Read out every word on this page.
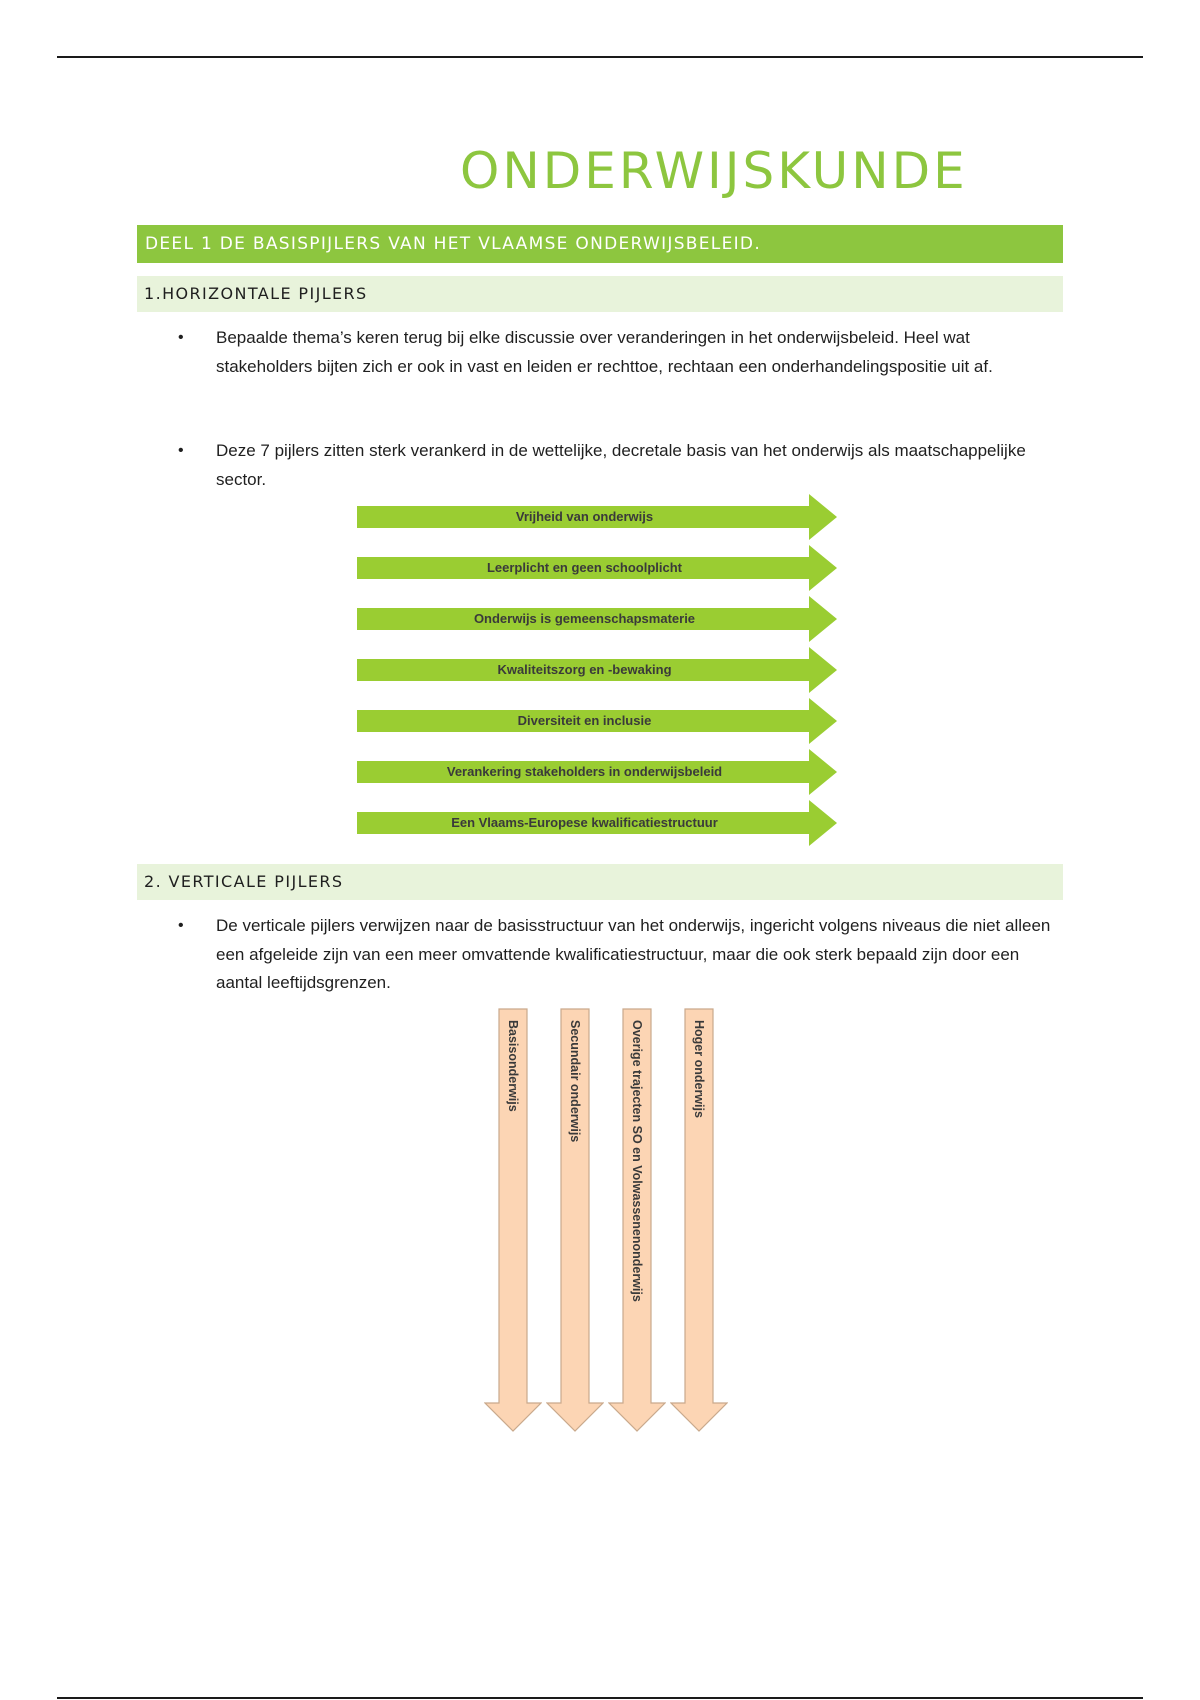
ONDERWIJSKUNDE
DEEL 1 DE BASISPIJLERS VAN HET VLAAMSE ONDERWIJSBELEID.
1.HORIZONTALE PIJLERS
• Bepaalde thema’s keren terug bij elke discussie over veranderingen in het onderwijsbeleid. Heel wat stakeholders bijten zich er ook in vast en leiden er rechttoe, rechtaan een onderhandelingspositie uit af.
• Deze 7 pijlers zitten sterk verankerd in de wettelijke, decretale basis van het onderwijs als maatschappelijke sector.
Vrijheid van onderwijs
Leerplicht en geen schoolplicht
Onderwijs is gemeenschapsmaterie
Kwaliteitszorg en -bewaking
Diversiteit en inclusie
Verankering stakeholders in onderwijsbeleid
Een Vlaams-Europese kwalificatiestructuur
2. VERTICALE PIJLERS
• De verticale pijlers verwijzen naar de basisstructuur van het onderwijs, ingericht volgens niveaus die niet alleen een afgeleide zijn van een meer omvattende kwalificatiestructuur, maar die ook sterk bepaald zijn door een aantal leeftijdsgrenzen.
Basisonderwijs	Secundair onderwijs	Overige trajecten SO en Volwassenenonderwijs	Hoger onderwijs
